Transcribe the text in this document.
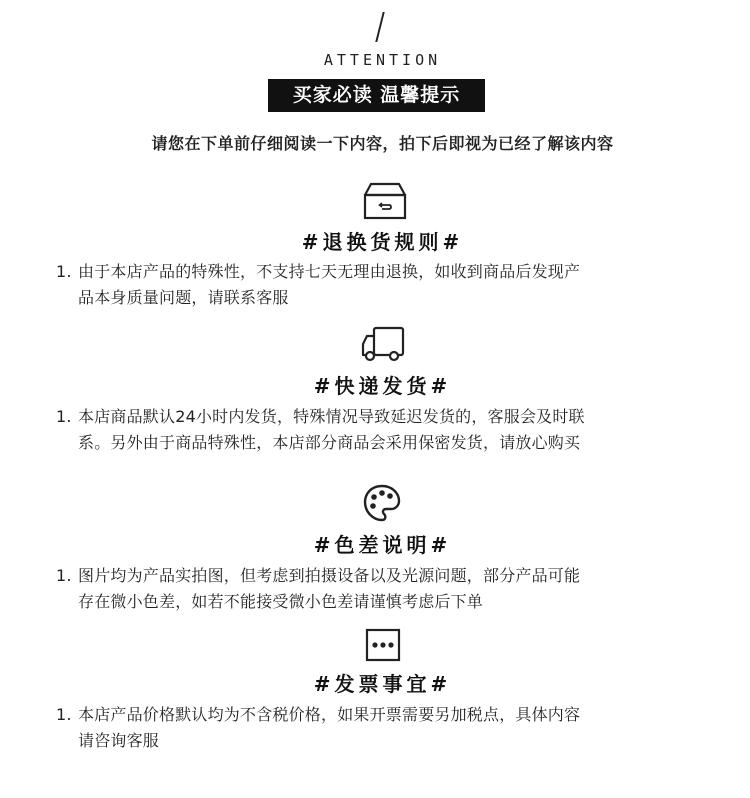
ATTENTION
买家必读 温馨提示
请您在下单前仔细阅读一下内容，拍下后即视为已经了解该内容
#退换货规则#
1. 由于本店产品的特殊性，不支持七天无理由退换，如收到商品后发现产
品本身质量问题，请联系客服
#快递发货#
1. 本店商品默认24小时内发货，特殊情况导致延迟发货的，客服会及时联
系。另外由于商品特殊性，本店部分商品会采用保密发货，请放心购买
#色差说明#
1. 图片均为产品实拍图，但考虑到拍摄设备以及光源问题，部分产品可能
存在微小色差，如若不能接受微小色差请谨慎考虑后下单
#发票事宜#
1. 本店产品价格默认均为不含税价格，如果开票需要另加税点，具体内容
请咨询客服
